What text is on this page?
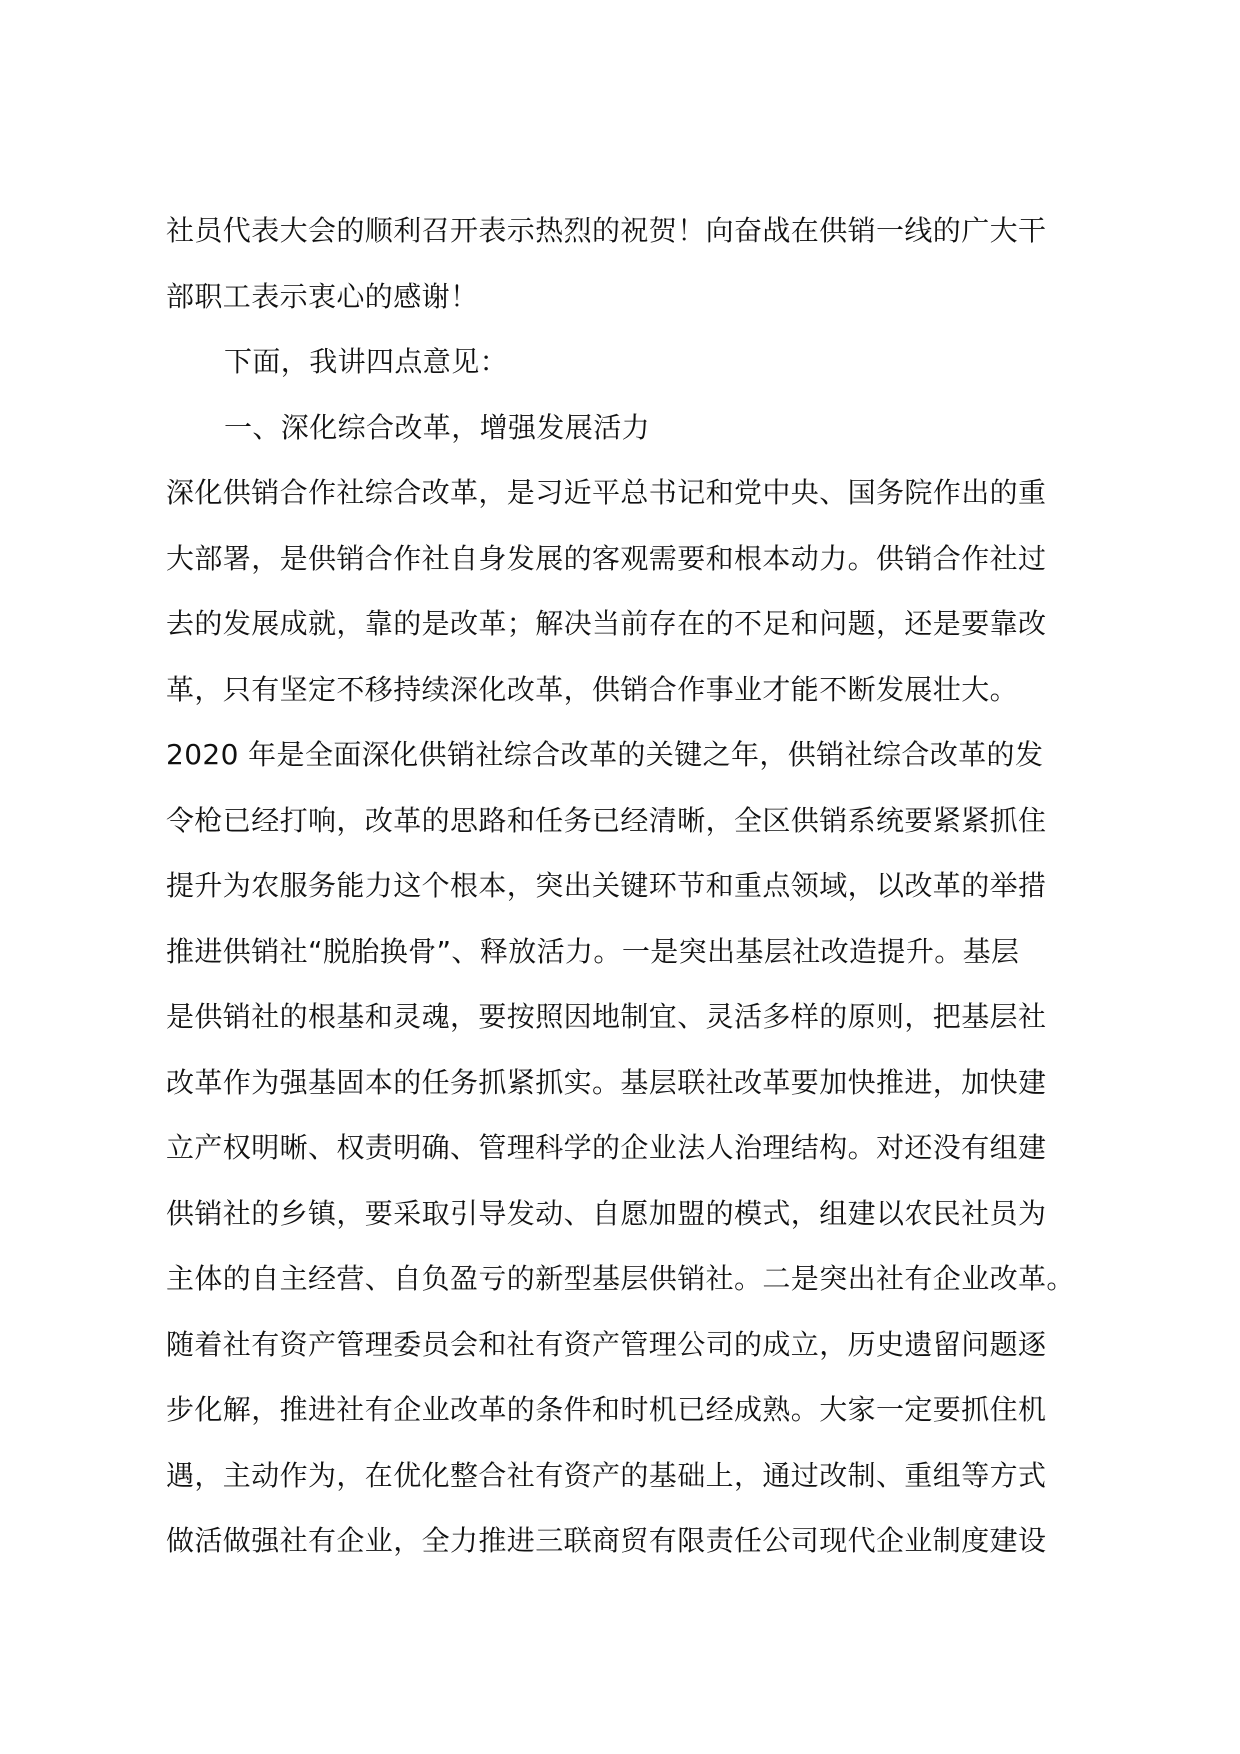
社员代表大会的顺利召开表示热烈的祝贺！向奋战在供销一线的广大干
部职工表示衷心的感谢！
下面，我讲四点意见：
一、深化综合改革，增强发展活力
深化供销合作社综合改革，是习近平总书记和党中央、国务院作出的重
大部署，是供销合作社自身发展的客观需要和根本动力。供销合作社过
去的发展成就，靠的是改革；解决当前存在的不足和问题，还是要靠改
革，只有坚定不移持续深化改革，供销合作事业才能不断发展壮大。
2020 年是全面深化供销社综合改革的关键之年，供销社综合改革的发
令枪已经打响，改革的思路和任务已经清晰，全区供销系统要紧紧抓住
提升为农服务能力这个根本，突出关键环节和重点领域，以改革的举措
推进供销社“脱胎换骨”、释放活力。一是突出基层社改造提升。基层
是供销社的根基和灵魂，要按照因地制宜、灵活多样的原则，把基层社
改革作为强基固本的任务抓紧抓实。基层联社改革要加快推进，加快建
立产权明晰、权责明确、管理科学的企业法人治理结构。对还没有组建
供销社的乡镇，要采取引导发动、自愿加盟的模式，组建以农民社员为
主体的自主经营、自负盈亏的新型基层供销社。二是突出社有企业改革。
随着社有资产管理委员会和社有资产管理公司的成立，历史遗留问题逐
步化解，推进社有企业改革的条件和时机已经成熟。大家一定要抓住机
遇，主动作为，在优化整合社有资产的基础上，通过改制、重组等方式
做活做强社有企业，全力推进三联商贸有限责任公司现代企业制度建设
